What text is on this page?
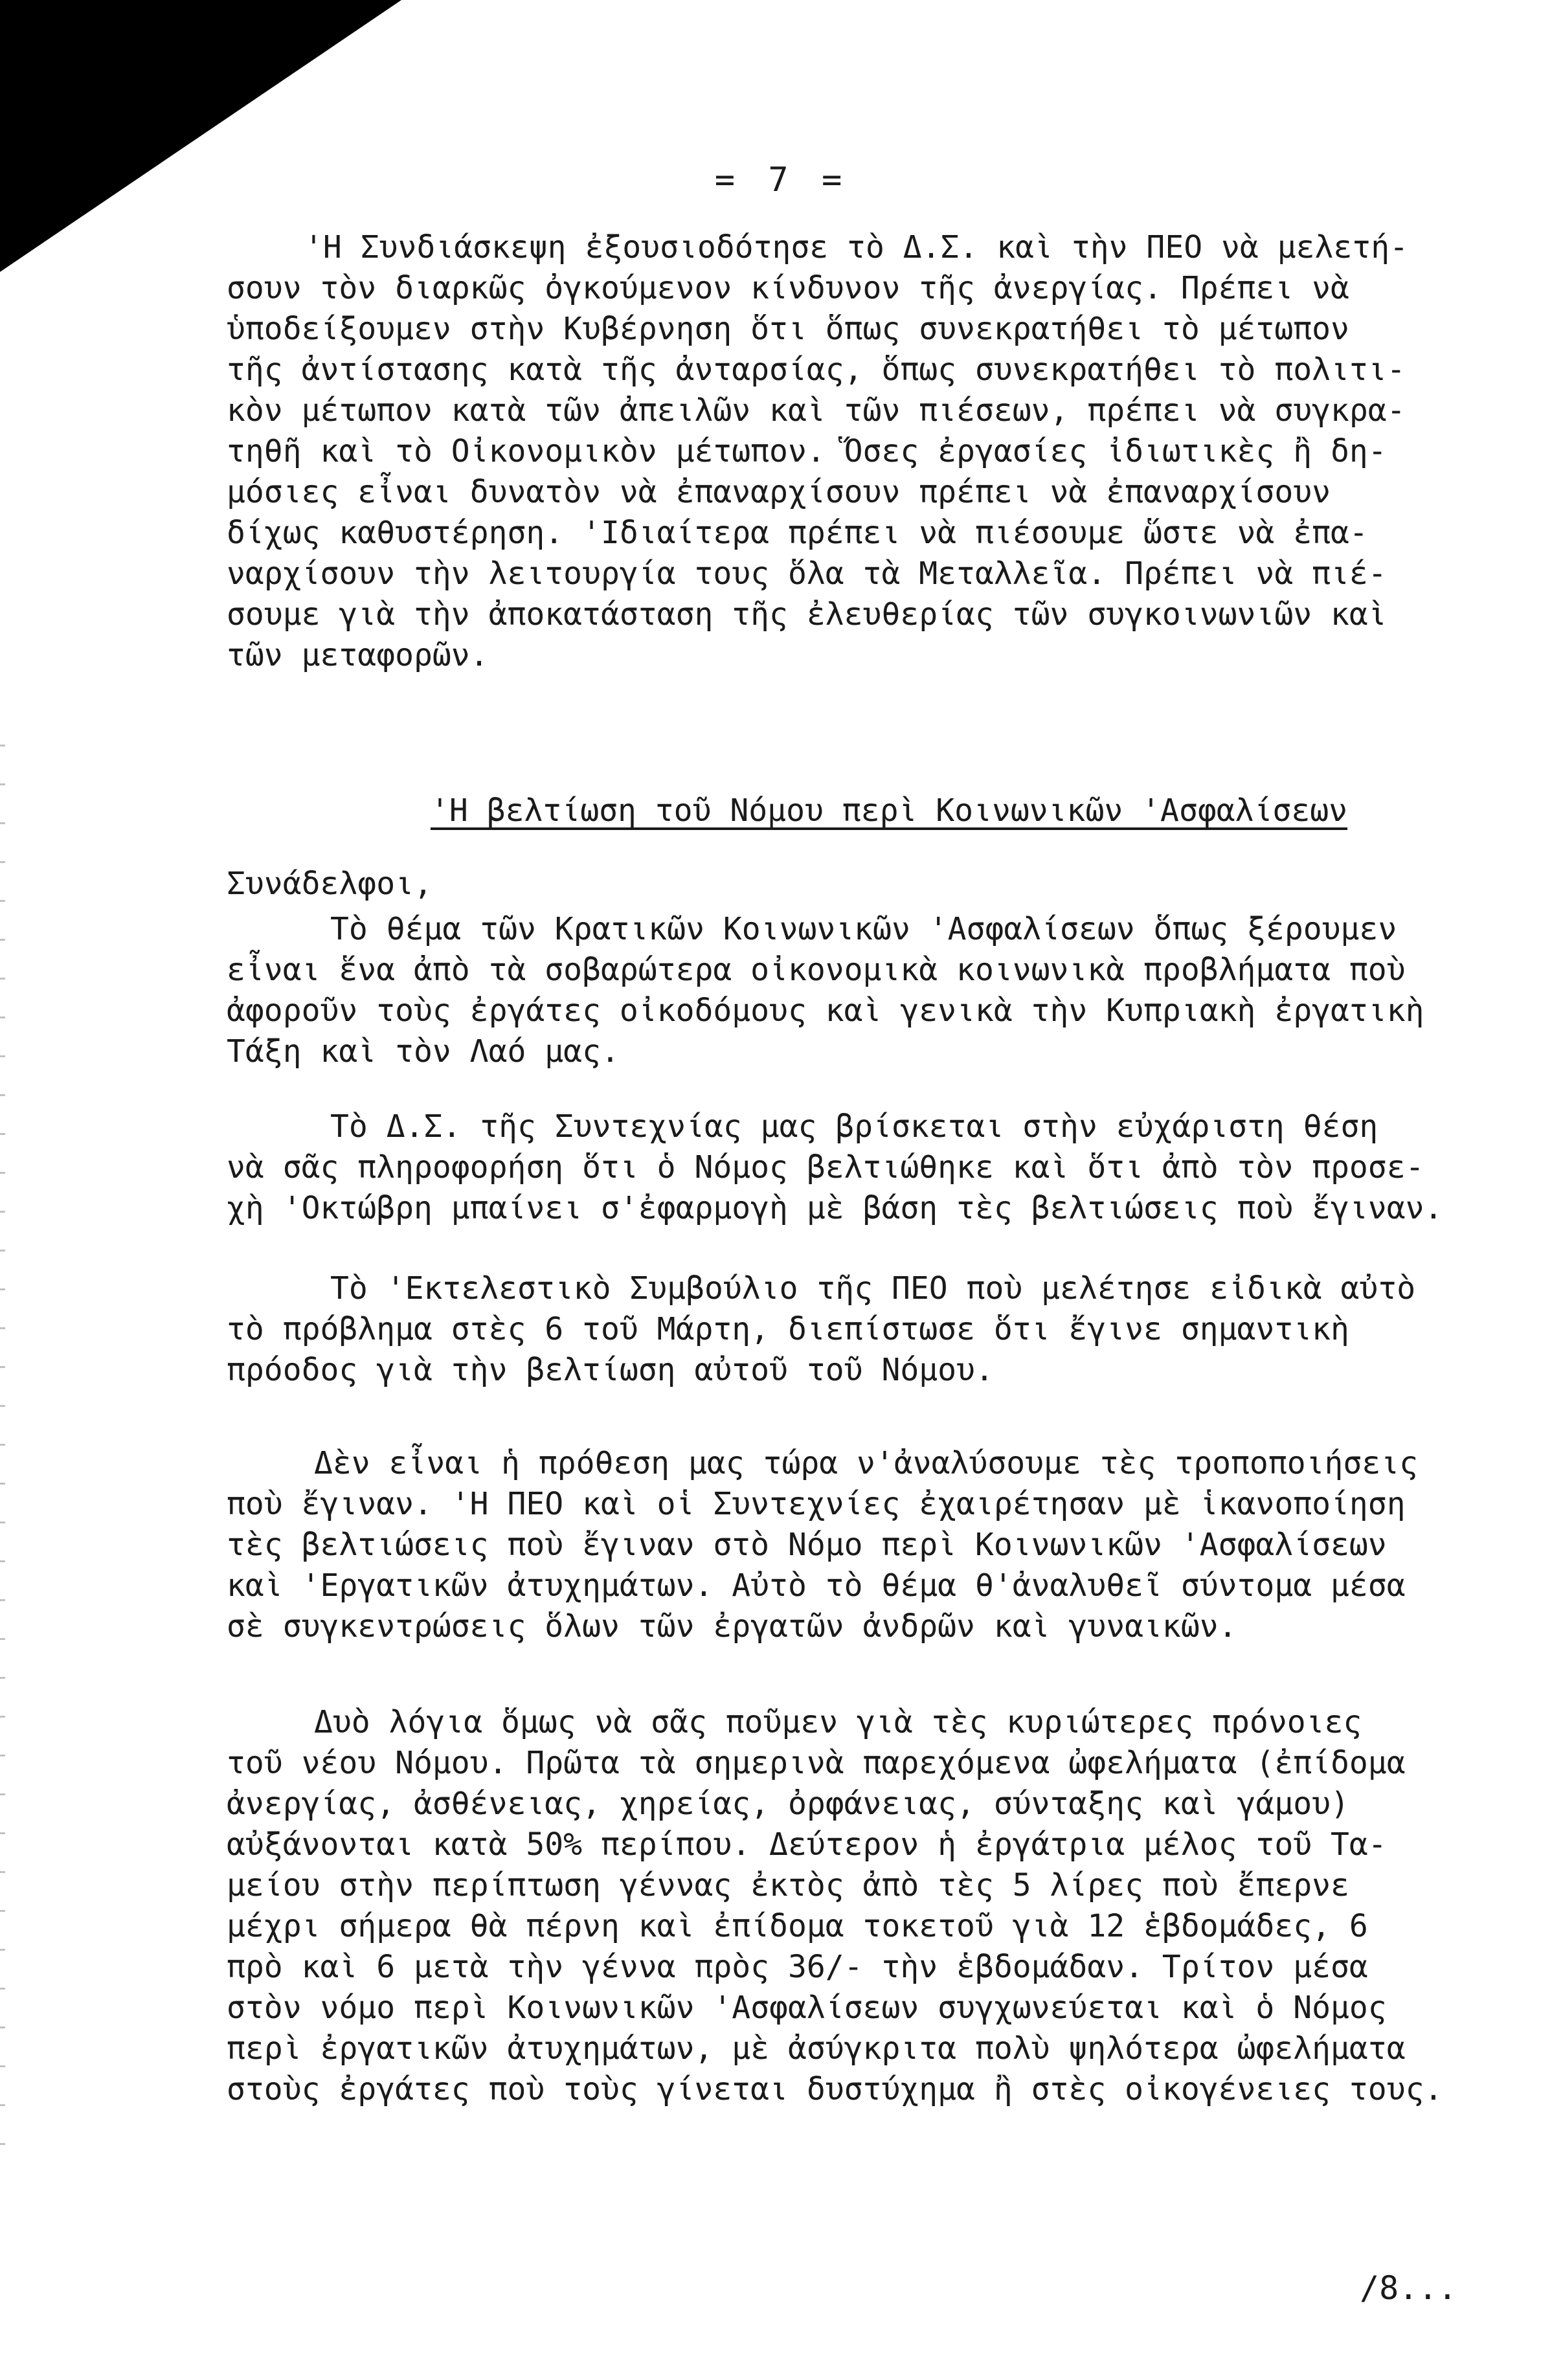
= 7 =
'Η Συνδιάσκεψη ἐξουσιοδότησε τὸ Δ.Σ. καὶ τὴν ΠΕΟ νὰ μελετή-
σουν τὸν διαρκῶς ὀγκούμενον κίνδυνον τῆς ἀνεργίας. Πρέπει νὰ
ὑποδείξουμεν στὴν Κυβέρνηση ὅτι ὅπως συνεκρατήθει τὸ μέτωπον
τῆς ἀντίστασης κατὰ τῆς ἀνταρσίας, ὅπως συνεκρατήθει τὸ πολιτι-
κὸν μέτωπον κατὰ τῶν ἀπειλῶν καὶ τῶν πιέσεων, πρέπει νὰ συγκρα-
τηθῆ καὶ τὸ Οἰκονομικὸν μέτωπον. Ὅσες ἐργασίες ἰδιωτικὲς ἢ δη-
μόσιες εἶναι δυνατὸν νὰ ἐπαναρχίσουν πρέπει νὰ ἐπαναρχίσουν
δίχως καθυστέρηση. 'Ιδιαίτερα πρέπει νὰ πιέσουμε ὥστε νὰ ἐπα-
ναρχίσουν τὴν λειτουργία τους ὅλα τὰ Μεταλλεῖα. Πρέπει νὰ πιέ-
σουμε γιὰ τὴν ἀποκατάσταση τῆς ἐλευθερίας τῶν συγκοινωνιῶν καὶ
τῶν μεταφορῶν.
'Η βελτίωση τοῦ Νόμου περὶ Κοινωνικῶν 'Ασφαλίσεων
Συνάδελφοι,
Τὸ θέμα τῶν Κρατικῶν Κοινωνικῶν 'Ασφαλίσεων ὅπως ξέρουμεν
εἶναι ἕνα ἀπὸ τὰ σοβαρώτερα οἰκονομικὰ κοινωνικὰ προβλήματα ποὺ
ἀφοροῦν τοὺς ἐργάτες οἰκοδόμους καὶ γενικὰ τὴν Κυπριακὴ ἐργατικὴ
Τάξη καὶ τὸν Λαό μας.
Τὸ Δ.Σ. τῆς Συντεχνίας μας βρίσκεται στὴν εὐχάριστη θέση
νὰ σᾶς πληροφορήση ὅτι ὁ Νόμος βελτιώθηκε καὶ ὅτι ἀπὸ τὸν προσε-
χὴ 'Οκτώβρη μπαίνει σ'ἐφαρμογὴ μὲ βάση τὲς βελτιώσεις ποὺ ἔγιναν.
Τὸ 'Εκτελεστικὸ Συμβούλιο τῆς ΠΕΟ ποὺ μελέτησε εἰδικὰ αὐτὸ
τὸ πρόβλημα στὲς 6 τοῦ Μάρτη, διεπίστωσε ὅτι ἔγινε σημαντικὴ
πρόοδος γιὰ τὴν βελτίωση αὐτοῦ τοῦ Νόμου.
Δὲν εἶναι ἡ πρόθεση μας τώρα ν'ἀναλύσουμε τὲς τροποποιήσεις
ποὺ ἔγιναν. 'Η ΠΕΟ καὶ οἱ Συντεχνίες ἐχαιρέτησαν μὲ ἱκανοποίηση
τὲς βελτιώσεις ποὺ ἔγιναν στὸ Νόμο περὶ Κοινωνικῶν 'Ασφαλίσεων
καὶ 'Εργατικῶν ἀτυχημάτων. Αὐτὸ τὸ θέμα θ'ἀναλυθεῖ σύντομα μέσα
σὲ συγκεντρώσεις ὅλων τῶν ἐργατῶν ἀνδρῶν καὶ γυναικῶν.
Δυὸ λόγια ὅμως νὰ σᾶς ποῦμεν γιὰ τὲς κυριώτερες πρόνοιες
τοῦ νέου Νόμου. Πρῶτα τὰ σημερινὰ παρεχόμενα ὠφελήματα (ἐπίδομα
ἀνεργίας, ἀσθένειας, χηρείας, ὀρφάνειας, σύνταξης καὶ γάμου)
αὐξάνονται κατὰ 50% περίπου. Δεύτερον ἡ ἐργάτρια μέλος τοῦ Τα-
μείου στὴν περίπτωση γέννας ἐκτὸς ἀπὸ τὲς 5 λίρες ποὺ ἔπερνε
μέχρι σήμερα θὰ πέρνη καὶ ἐπίδομα τοκετοῦ γιὰ 12 ἑβδομάδες, 6
πρὸ καὶ 6 μετὰ τὴν γέννα πρὸς 36/- τὴν ἑβδομάδαν. Τρίτον μέσα
στὸν νόμο περὶ Κοινωνικῶν 'Ασφαλίσεων συγχωνεύεται καὶ ὁ Νόμος
περὶ ἐργατικῶν ἀτυχημάτων, μὲ ἀσύγκριτα πολὺ ψηλότερα ὠφελήματα
στοὺς ἐργάτες ποὺ τοὺς γίνεται δυστύχημα ἢ στὲς οἰκογένειες τους.
/8...
